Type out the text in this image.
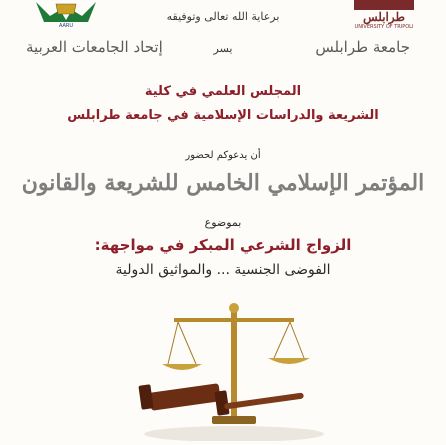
AARU
برعاية الله تعالى وتوفيقه	طرابلس
UNIVERSITY OF TRIPOLI
إتحاد الجامعات العربية	يسر	جامعة طرابلس
المجلس العلمي في كلية
الشريعة والدراسات الإسلامية في جامعة طرابلس
أن يدعوكم لحضور
المؤتمر الإسلامي الخامس للشريعة والقانون
بموضوع
الزواج الشرعي المبكر في مواجهة:
الفوضى الجنسية ... والمواثيق الدولية
